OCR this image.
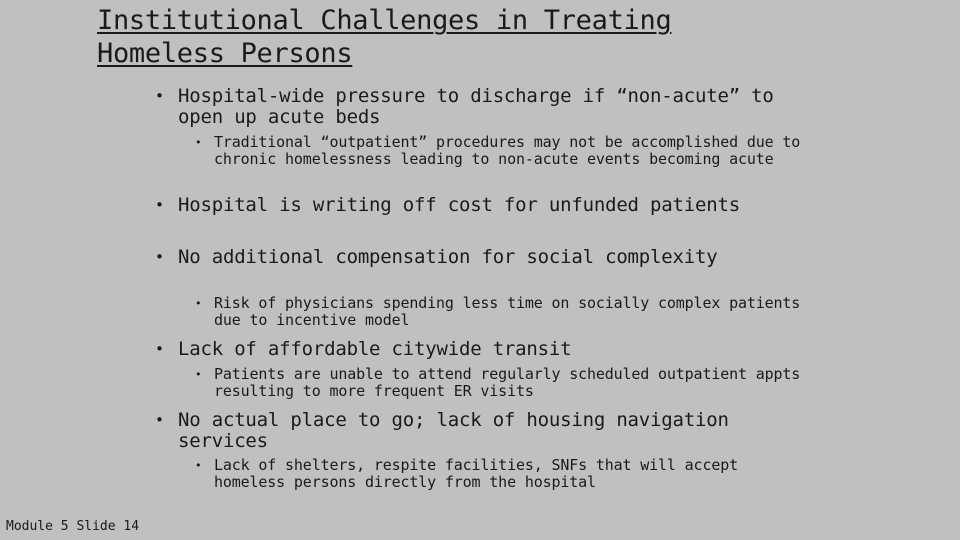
Institutional Challenges in Treating Homeless Persons
• Hospital-wide pressure to discharge if “non-acute” to open up acute beds
• Traditional “outpatient” procedures may not be accomplished due to chronic homelessness leading to non-acute events becoming acute
• Hospital is writing off cost for unfunded patients
• No additional compensation for social complexity
• Risk of physicians spending less time on socially complex patients due to incentive model
• Lack of affordable citywide transit
• Patients are unable to attend regularly scheduled outpatient appts resulting to more frequent ER visits
• No actual place to go; lack of housing navigation services
• Lack of shelters, respite facilities, SNFs that will accept homeless persons directly from the hospital
Module 5 Slide 14
